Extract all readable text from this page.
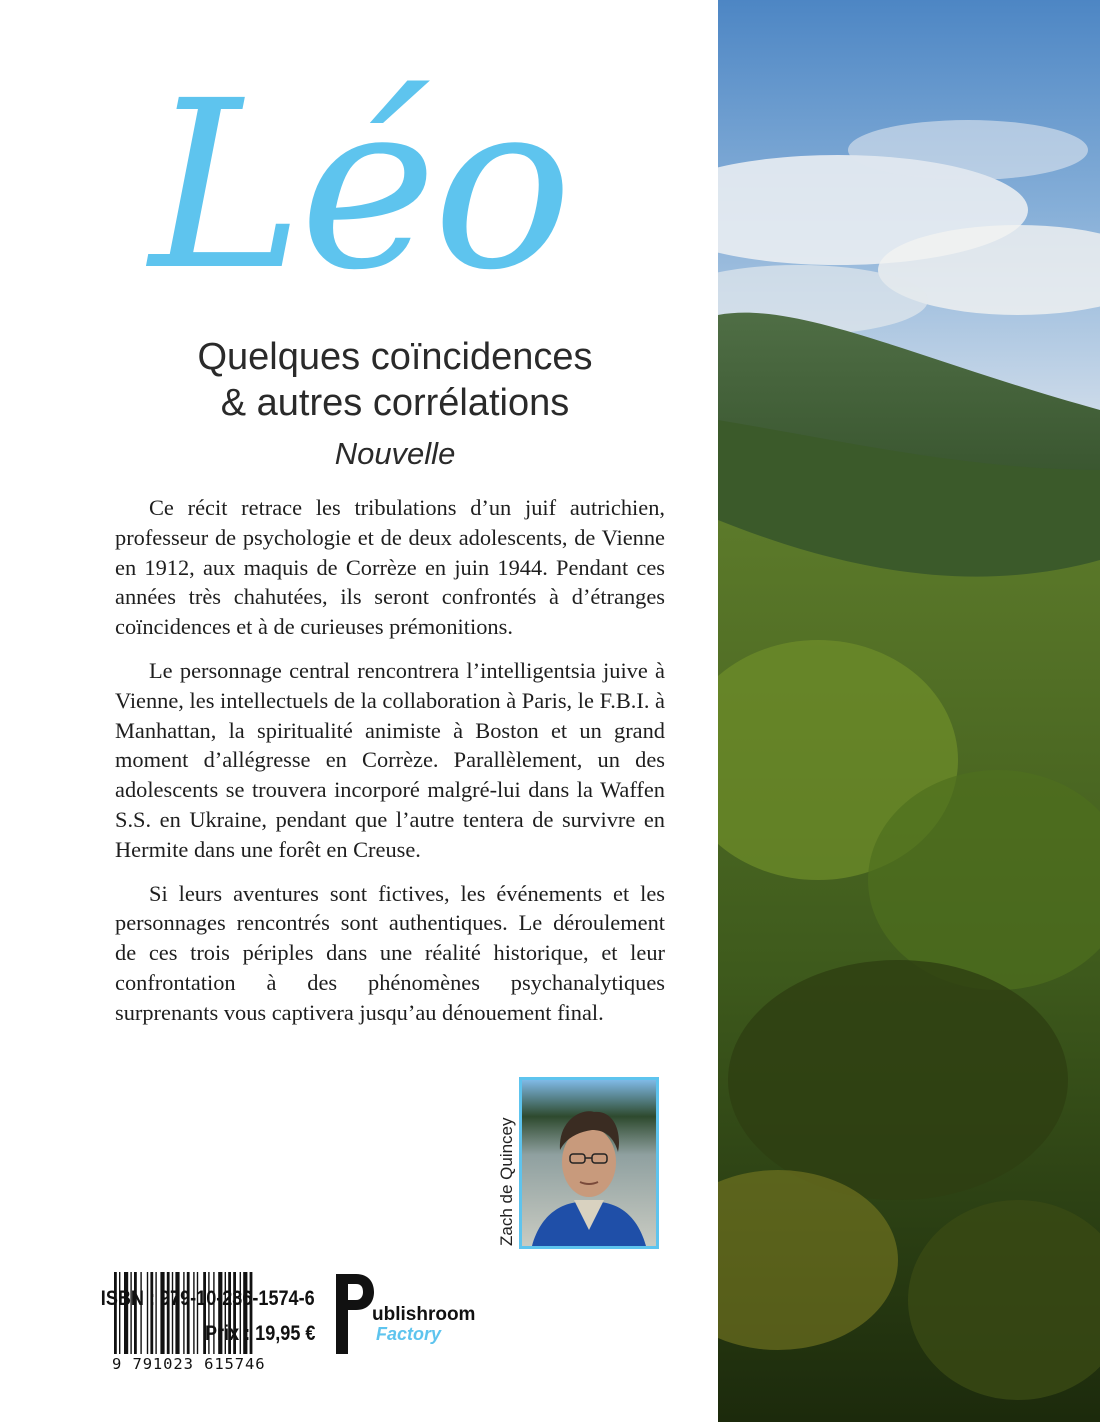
Léo
Quelques coïncidences
& autres corrélations
Nouvelle

Ce récit retrace les tribulations d’un juif autrichien, professeur de psychologie et de deux adolescents, de Vienne en 1912, aux maquis de Corrèze en juin 1944. Pendant ces années très chahutées, ils seront confrontés à d’étranges coïncidences et à de curieuses prémonitions.

Le personnage central rencontrera l’intelligentsia juive à Vienne, les intellectuels de la collaboration à Paris, le F.B.I. à Manhattan, la spiritualité animiste à Boston et un grand moment d’allégresse en Corrèze. Parallèlement, un des adolescents se trouvera incorporé malgré-lui dans la Waffen S.S. en Ukraine, pendant que l’autre tentera de survivre en Hermite dans une forêt en Creuse.

Si leurs aventures sont fictives, les événements et les personnages rencontrés sont authentiques. Le déroulement de ces trois périples dans une réalité historique, et leur confrontation à des phénomènes psychanalytiques surprenants vous captivera jusqu’au dénouement final.

Zach de Quincey
9 791023 615746
ublishroom
Factory
ISBN : 979-10-236-1574-6
Prix : 19,95 €
